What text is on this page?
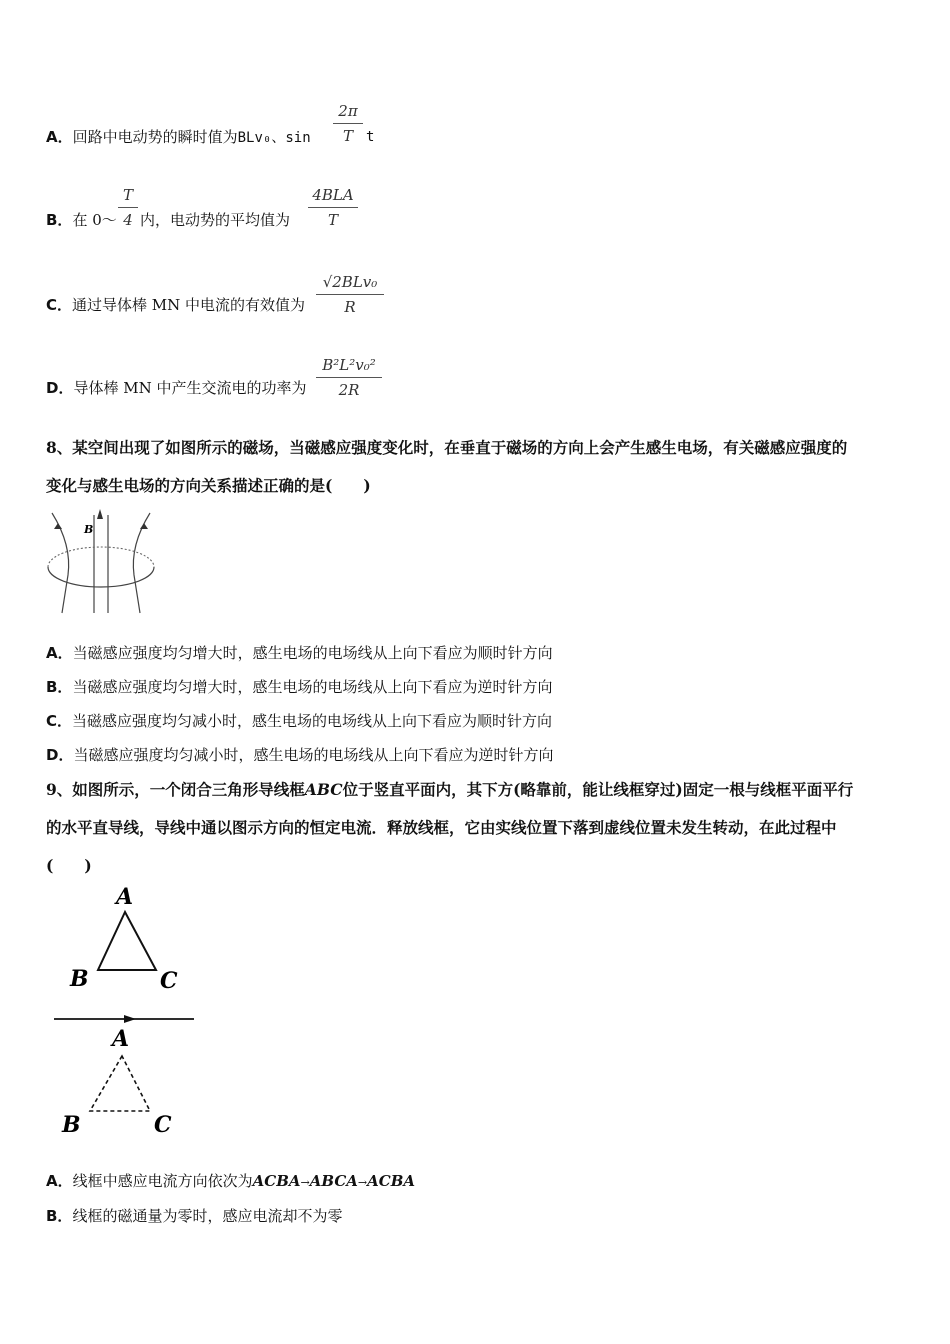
A．回路中电动势的瞬时值为BLv₀、sin
2π
T t
B．在 0～
T
4 内，电动势的平均值为
4BLA
T
C．通过导体棒 MN 中电流的有效值为
√2BLv₀
R
D．导体棒 MN 中产生交流电的功率为
B²L²v₀²
2R
8、某空间出现了如图所示的磁场，当磁感应强度变化时，在垂直于磁场的方向上会产生感生电场，有关磁感应强度的
变化与感生电场的方向关系描述正确的是(　　)
B
A．当磁感应强度均匀增大时，感生电场的电场线从上向下看应为顺时针方向
B．当磁感应强度均匀增大时，感生电场的电场线从上向下看应为逆时针方向
C．当磁感应强度均匀减小时，感生电场的电场线从上向下看应为顺时针方向
D．当磁感应强度均匀减小时，感生电场的电场线从上向下看应为逆时针方向
9、如图所示，一个闭合三角形导线框ABC位于竖直平面内，其下方(略靠前，能让线框穿过)固定一根与线框平面平行
的水平直导线，导线中通以图示方向的恒定电流．释放线框，它由实线位置下落到虚线位置未发生转动，在此过程中
(　　)
A
B	C
A
B	C
A．线框中感应电流方向依次为ACBA→ABCA→ACBA
B．线框的磁通量为零时，感应电流却不为零
